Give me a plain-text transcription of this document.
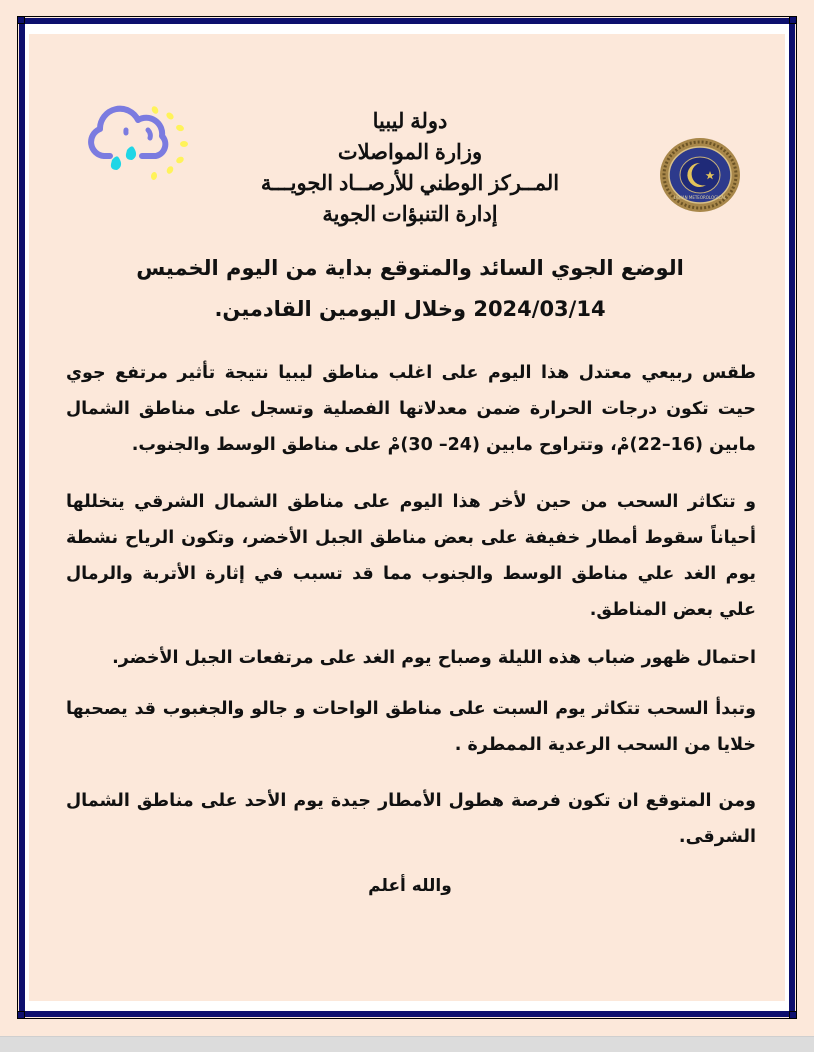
LIBYAN METEOROLOGICAL

دولة ليبيا

وزارة المواصلات

المــركز الوطني للأرصــاد الجويـــة

إدارة التنبؤات الجوية

الوضع الجوي السائد والمتوقع بداية من اليوم الخميس

2024/03/14 وخلال اليومين القادمين.

طقس ربيعي معتدل هذا اليوم على اغلب مناطق ليبيا نتيجة تأثير مرتفع جوي حيت تكون درجات الحرارة ضمن معدلاتها الفصلية وتسجل على مناطق الشمال مابين (16–22)مْ، وتتراوح مابين (24– 30)مْ على مناطق الوسط والجنوب.

و تتكاثر السحب من حين لأخر هذا اليوم على مناطق الشمال الشرقي يتخللها أحياناً سقوط أمطار خفيفة على بعض مناطق الجبل الأخضر، وتكون الرياح نشطة يوم الغد علي مناطق الوسط والجنوب مما قد تسبب في إثارة الأتربة والرمال علي بعض المناطق.

احتمال ظهور ضباب هذه الليلة وصباح يوم الغد على مرتفعات الجبل الأخضر.

وتبدأ السحب تتكاثر يوم السبت على مناطق الواحات و جالو والجغبوب قد يصحبها خلايا من السحب الرعدية الممطرة .

ومن المتوقع ان تكون فرصة هطول الأمطار جيدة يوم الأحد على مناطق الشمال الشرقى.

والله أعلم
